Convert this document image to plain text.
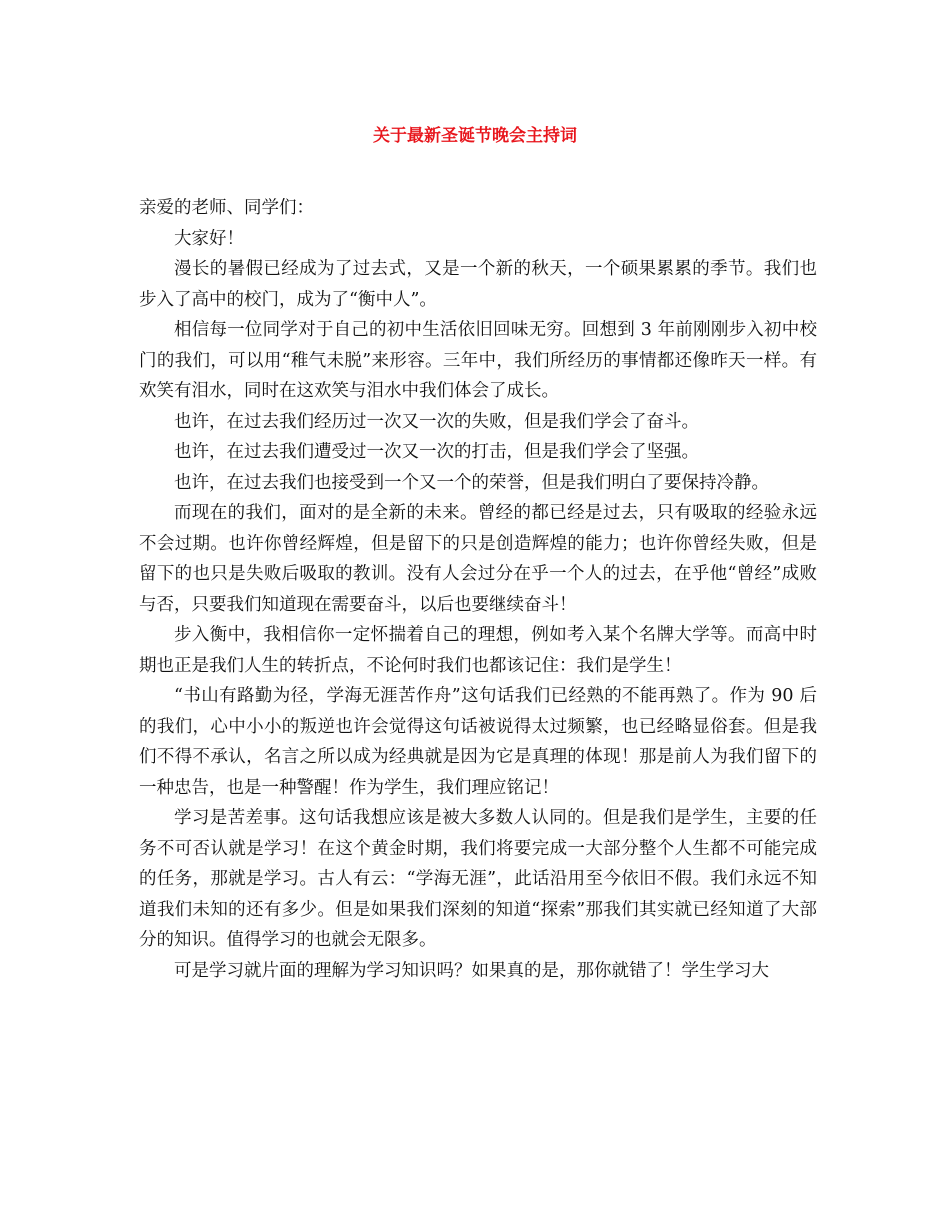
关于最新圣诞节晚会主持词

亲爱的老师、同学们：

大家好！

漫长的暑假已经成为了过去式，又是一个新的秋天，一个硕果累累的季节。我们也步入了高中的校门，成为了“衡中人”。

相信每一位同学对于自己的初中生活依旧回味无穷。回想到 3 年前刚刚步入初中校门的我们，可以用“稚气未脱”来形容。三年中，我们所经历的事情都还像昨天一样。有欢笑有泪水，同时在这欢笑与泪水中我们体会了成长。

也许，在过去我们经历过一次又一次的失败，但是我们学会了奋斗。

也许，在过去我们遭受过一次又一次的打击，但是我们学会了坚强。

也许，在过去我们也接受到一个又一个的荣誉，但是我们明白了要保持冷静。

而现在的我们，面对的是全新的未来。曾经的都已经是过去，只有吸取的经验永远不会过期。也许你曾经辉煌，但是留下的只是创造辉煌的能力；也许你曾经失败，但是留下的也只是失败后吸取的教训。没有人会过分在乎一个人的过去，在乎他“曾经”成败与否，只要我们知道现在需要奋斗，以后也要继续奋斗！

步入衡中，我相信你一定怀揣着自己的理想，例如考入某个名牌大学等。而高中时期也正是我们人生的转折点，不论何时我们也都该记住：我们是学生！

“书山有路勤为径，学海无涯苦作舟”这句话我们已经熟的不能再熟了。作为 90 后的我们，心中小小的叛逆也许会觉得这句话被说得太过频繁，也已经略显俗套。但是我们不得不承认，名言之所以成为经典就是因为它是真理的体现！那是前人为我们留下的一种忠告，也是一种警醒！作为学生，我们理应铭记！

学习是苦差事。这句话我想应该是被大多数人认同的。但是我们是学生，主要的任务不可否认就是学习！在这个黄金时期，我们将要完成一大部分整个人生都不可能完成的任务，那就是学习。古人有云：“学海无涯”，此话沿用至今依旧不假。我们永远不知道我们未知的还有多少。但是如果我们深刻的知道“探索”那我们其实就已经知道了大部分的知识。值得学习的也就会无限多。

可是学习就片面的理解为学习知识吗？如果真的是，那你就错了！学生学习大
